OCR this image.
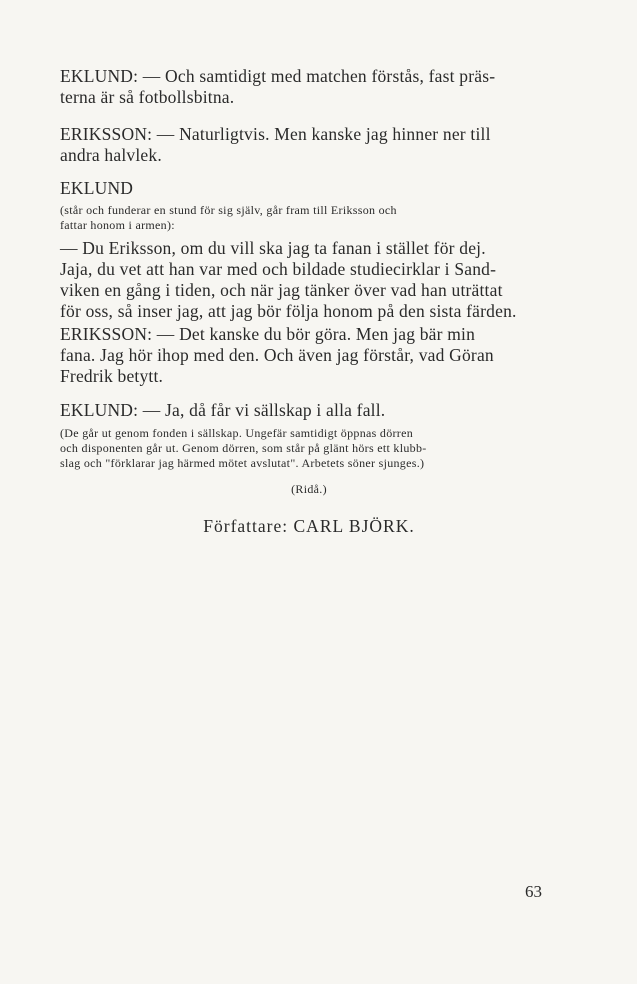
EKLUND: — Och samtidigt med matchen förstås, fast präs-
terna är så fotbollsbitna.

ERIKSSON: — Naturligtvis. Men kanske jag hinner ner till
andra halvlek.

EKLUND

(står och funderar en stund för sig själv, går fram till Eriksson och
fattar honom i armen):

— Du Eriksson, om du vill ska jag ta fanan i stället för dej.
Jaja, du vet att han var med och bildade studiecirklar i Sand-
viken en gång i tiden, och när jag tänker över vad han uträttat
för oss, så inser jag, att jag bör följa honom på den sista färden.

ERIKSSON: — Det kanske du bör göra. Men jag bär min
fana. Jag hör ihop med den. Och även jag förstår, vad Göran
Fredrik betytt.

EKLUND: — Ja, då får vi sällskap i alla fall.

(De går ut genom fonden i sällskap. Ungefär samtidigt öppnas dörren
och disponenten går ut. Genom dörren, som står på glänt hörs ett klubb-
slag och "förklarar jag härmed mötet avslutat". Arbetets söner sjunges.)

(Ridå.)

Författare: CARL BJÖRK.

63
